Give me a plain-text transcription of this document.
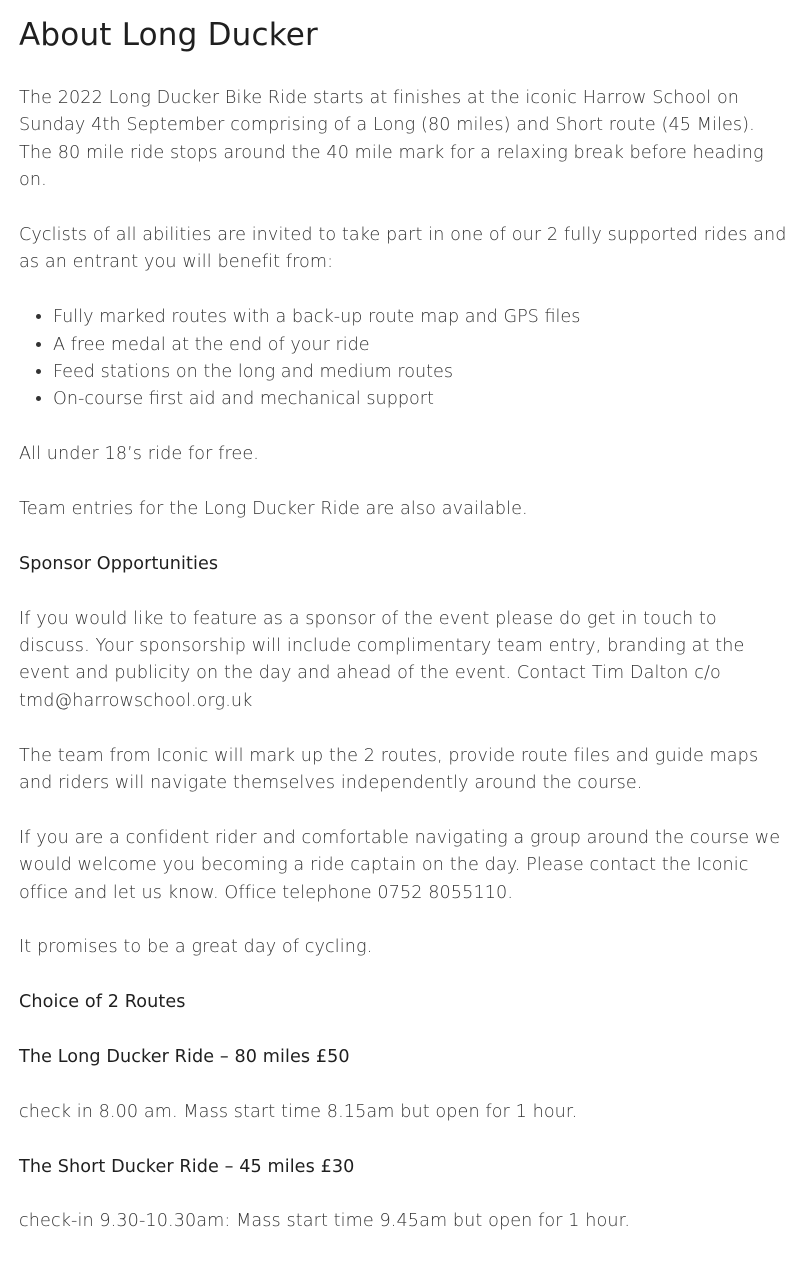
About Long Ducker

The 2022 Long Ducker Bike Ride starts at finishes at the iconic Harrow School on Sunday 4th September comprising of a Long (80 miles) and Short route (45 Miles). The 80 mile ride stops around the 40 mile mark for a relaxing break before heading on.

Cyclists of all abilities are invited to take part in one of our 2 fully supported rides and as an entrant you will benefit from:

• Fully marked routes with a back-up route map and GPS files
• A free medal at the end of your ride
• Feed stations on the long and medium routes
• On-course first aid and mechanical support

All under 18’s ride for free.

Team entries for the Long Ducker Ride are also available.

Sponsor Opportunities

If you would like to feature as a sponsor of the event please do get in touch to discuss. Your sponsorship will include complimentary team entry, branding at the event and publicity on the day and ahead of the event. Contact Tim Dalton c/o tmd@harrowschool.org.uk

The team from Iconic will mark up the 2 routes, provide route files and guide maps and riders will navigate themselves independently around the course.

If you are a confident rider and comfortable navigating a group around the course we would welcome you becoming a ride captain on the day. Please contact the Iconic office and let us know. Office telephone 0752 8055110.

It promises to be a great day of cycling.

Choice of 2 Routes

The Long Ducker Ride – 80 miles £50

check in 8.00 am. Mass start time 8.15am but open for 1 hour.

The Short Ducker Ride – 45 miles £30

check-in 9.30-10.30am: Mass start time 9.45am but open for 1 hour.
